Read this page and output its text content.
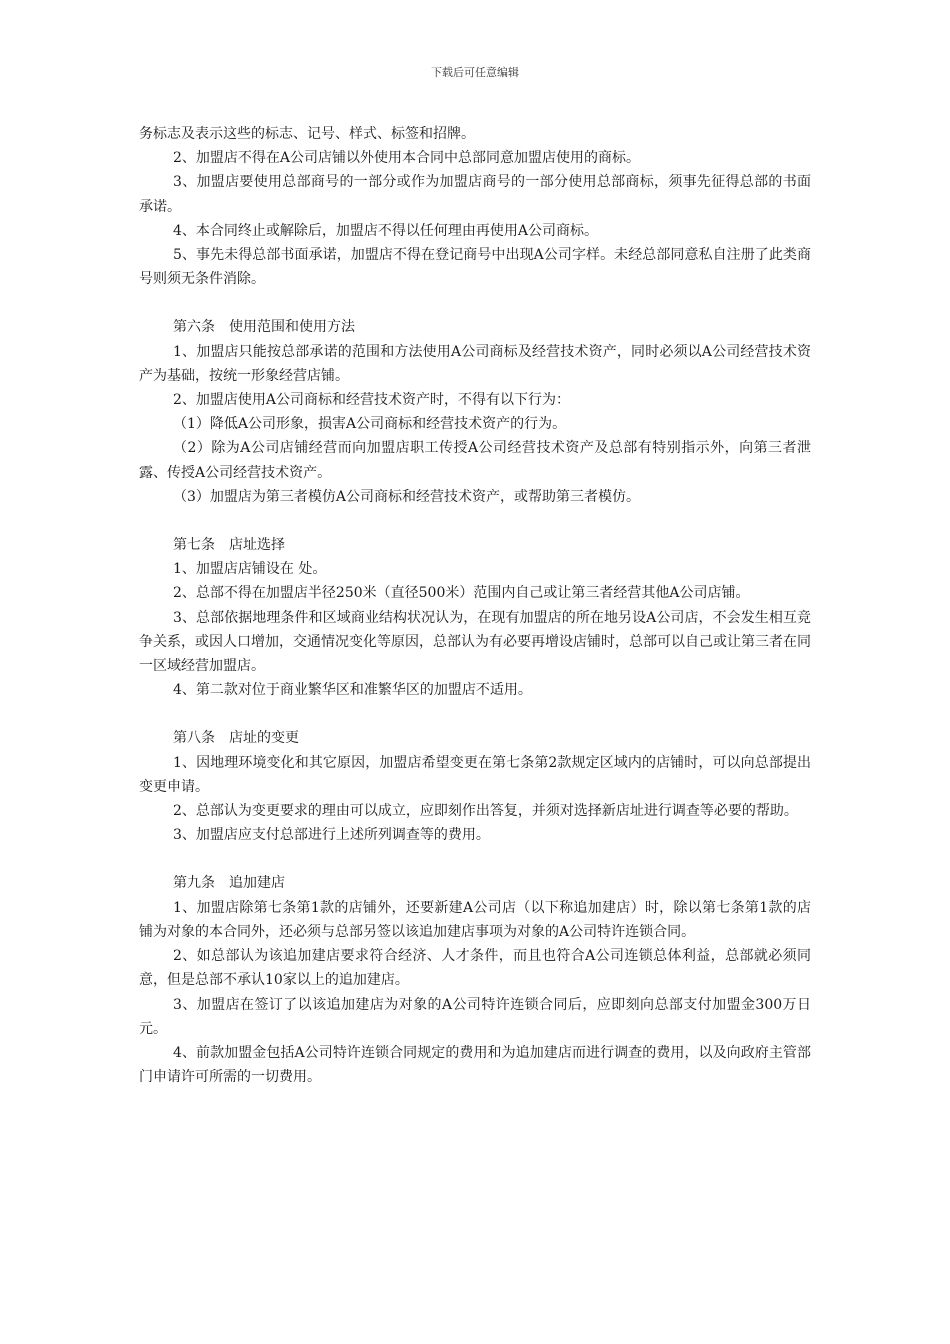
下载后可任意编辑

务标志及表示这些的标志、记号、样式、标签和招牌。

2、加盟店不得在A公司店铺以外使用本合同中总部同意加盟店使用的商标。

3、加盟店要使用总部商号的一部分或作为加盟店商号的一部分使用总部商标，须事先征得总部的书面承诺。

4、本合同终止或解除后，加盟店不得以任何理由再使用A公司商标。

5、事先未得总部书面承诺，加盟店不得在登记商号中出现A公司字样。未经总部同意私自注册了此类商号则须无条件消除。

第六条　使用范围和使用方法

1、加盟店只能按总部承诺的范围和方法使用A公司商标及经营技术资产，同时必须以A公司经营技术资产为基础，按统一形象经营店铺。

2、加盟店使用A公司商标和经营技术资产时，不得有以下行为：

（1）降低A公司形象，损害A公司商标和经营技术资产的行为。

（2）除为A公司店铺经营而向加盟店职工传授A公司经营技术资产及总部有特别指示外，向第三者泄露、传授A公司经营技术资产。

（3）加盟店为第三者模仿A公司商标和经营技术资产，或帮助第三者模仿。

第七条　店址选择

1、加盟店店铺设在 处。

2、总部不得在加盟店半径250米（直径500米）范围内自己或让第三者经营其他A公司店铺。

3、总部依据地理条件和区域商业结构状况认为，在现有加盟店的所在地另设A公司店，不会发生相互竞争关系，或因人口增加，交通情况变化等原因，总部认为有必要再增设店铺时，总部可以自己或让第三者在同一区域经营加盟店。

4、第二款对位于商业繁华区和准繁华区的加盟店不适用。

第八条　店址的变更

1、因地理环境变化和其它原因，加盟店希望变更在第七条第2款规定区域内的店铺时，可以向总部提出变更申请。

2、总部认为变更要求的理由可以成立，应即刻作出答复，并须对选择新店址进行调查等必要的帮助。

3、加盟店应支付总部进行上述所列调查等的费用。

第九条　追加建店

1、加盟店除第七条第1款的店铺外，还要新建A公司店（以下称追加建店）时，除以第七条第1款的店铺为对象的本合同外，还必须与总部另签以该追加建店事项为对象的A公司特许连锁合同。

2、如总部认为该追加建店要求符合经济、人才条件，而且也符合A公司连锁总体利益，总部就必须同意，但是总部不承认10家以上的追加建店。

3、加盟店在签订了以该追加建店为对象的A公司特许连锁合同后，应即刻向总部支付加盟金300万日元。

4、前款加盟金包括A公司特许连锁合同规定的费用和为追加建店而进行调查的费用，以及向政府主管部门申请许可所需的一切费用。
